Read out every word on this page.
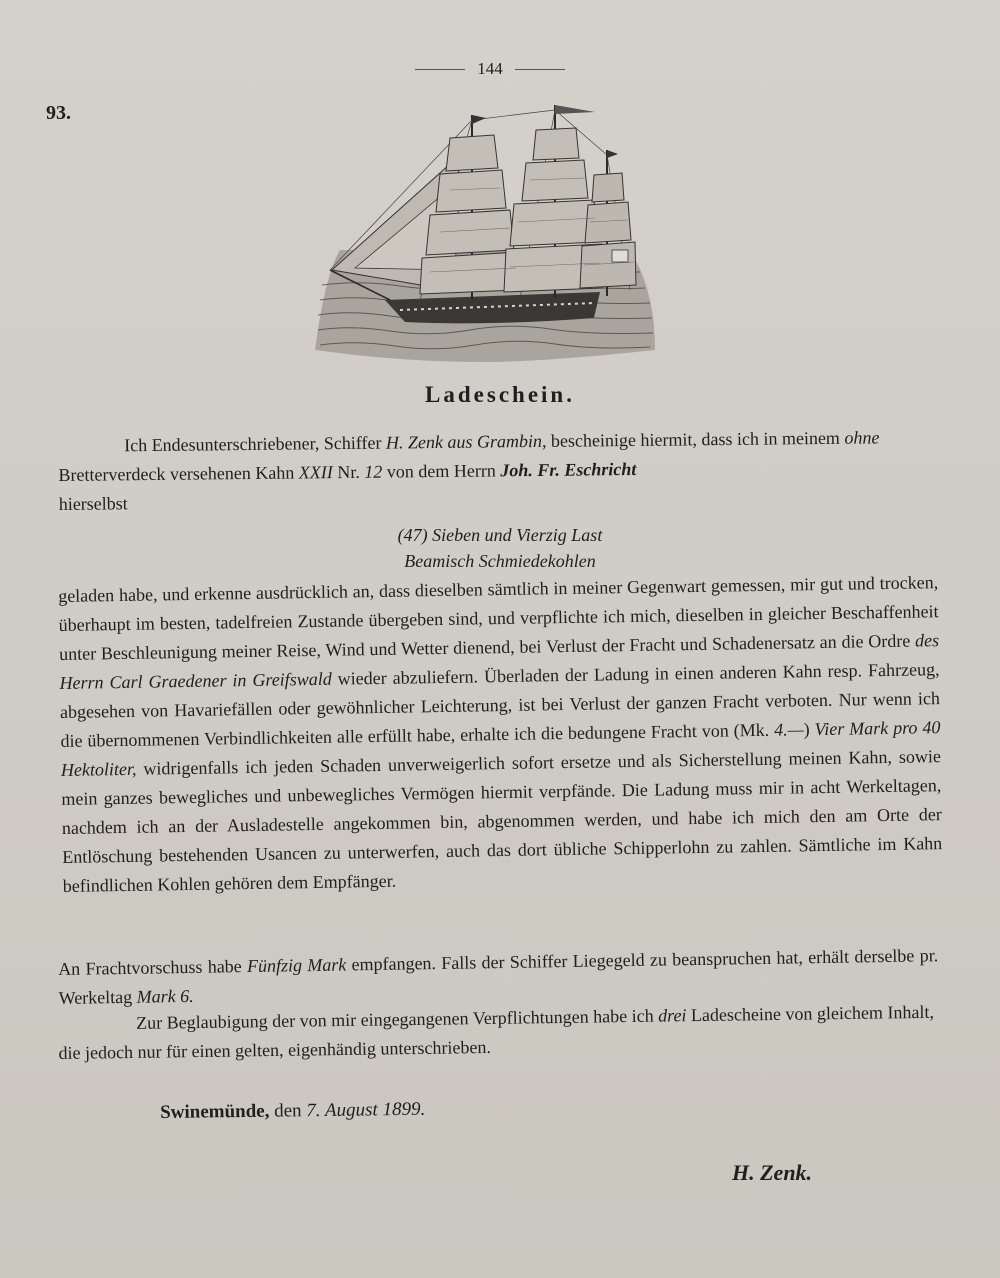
144
93.
Ladeschein.
Ich Endesunterschriebener, Schiffer H. Zenk aus Grambin, bescheinige hiermit, dass ich in meinem ohne Bretterverdeck versehenen Kahn XXII Nr. 12 von dem Herrn Joh. Fr. Eschricht
hierselbst
(47) Sieben und Vierzig Last
Beamisch Schmiedekohlen
geladen habe, und erkenne ausdrücklich an, dass dieselben sämtlich in meiner Gegenwart gemessen, mir gut und trocken, überhaupt im besten, tadelfreien Zustande übergeben sind, und verpflichte ich mich, dieselben in gleicher Beschaffenheit unter Beschleunigung meiner Reise, Wind und Wetter dienend, bei Verlust der Fracht und Schadenersatz an die Ordre des Herrn Carl Graedener in Greifswald wieder abzuliefern. Überladen der Ladung in einen anderen Kahn resp. Fahrzeug, abgesehen von Havariefällen oder gewöhnlicher Leichterung, ist bei Verlust der ganzen Fracht verboten. Nur wenn ich die übernommenen Verbindlichkeiten alle erfüllt habe, erhalte ich die bedungene Fracht von (Mk. 4.—) Vier Mark pro 40 Hektoliter, widrigenfalls ich jeden Schaden unverweigerlich sofort ersetze und als Sicherstellung meinen Kahn, sowie mein ganzes bewegliches und unbewegliches Vermögen hiermit verpfände. Die Ladung muss mir in acht Werkeltagen, nachdem ich an der Ausladestelle angekommen bin, abgenommen werden, und habe ich mich den am Orte der Entlöschung bestehenden Usancen zu unterwerfen, auch das dort übliche Schipperlohn zu zahlen. Sämtliche im Kahn befindlichen Kohlen gehören dem Empfänger.
An Frachtvorschuss habe Fünfzig Mark empfangen. Falls der Schiffer Liegegeld zu beanspruchen hat, erhält derselbe pr. Werkeltag Mark 6.
Zur Beglaubigung der von mir eingegangenen Verpflichtungen habe ich drei Ladescheine von gleichem Inhalt, die jedoch nur für einen gelten, eigenhändig unterschrieben.
Swinemünde, den 7. August 1899.
H. Zenk.
